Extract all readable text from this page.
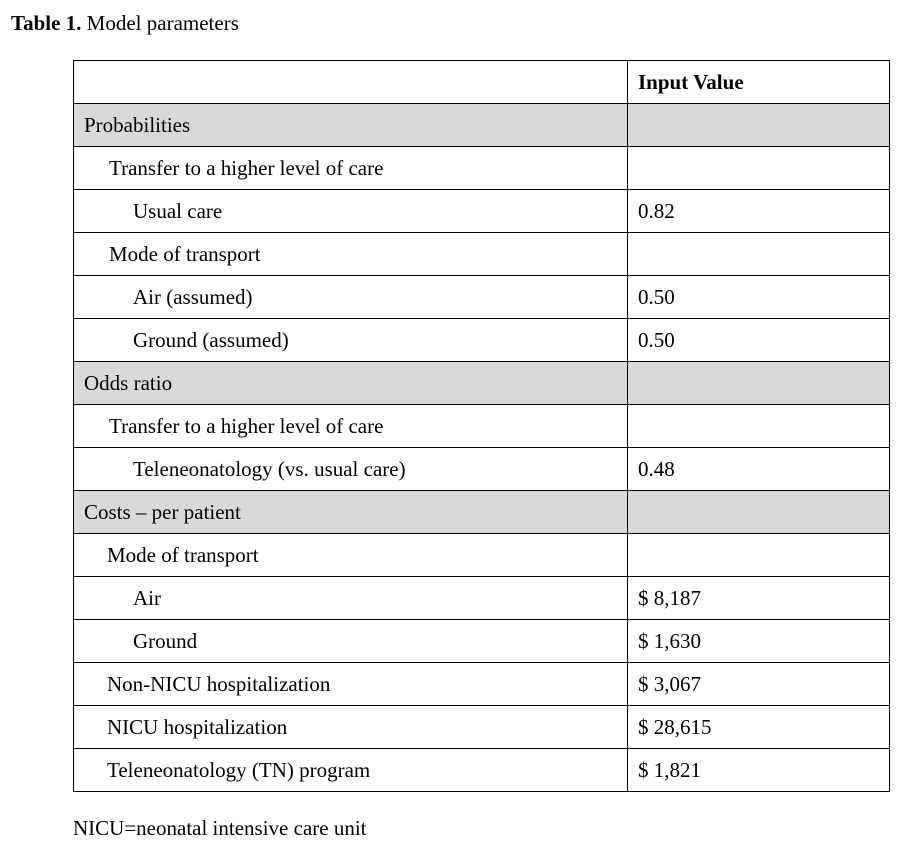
Table 1. Model parameters
	Input Value
Probabilities	
Transfer to a higher level of care	
Usual care	0.82
Mode of transport	
Air (assumed)	0.50
Ground (assumed)	0.50
Odds ratio	
Transfer to a higher level of care	
Teleneonatology (vs. usual care)	0.48
Costs – per patient	
Mode of transport	
Air	$ 8,187
Ground	$ 1,630
Non-NICU hospitalization	$ 3,067
NICU hospitalization	$ 28,615
Teleneonatology (TN) program	$ 1,821
NICU=neonatal intensive care unit
